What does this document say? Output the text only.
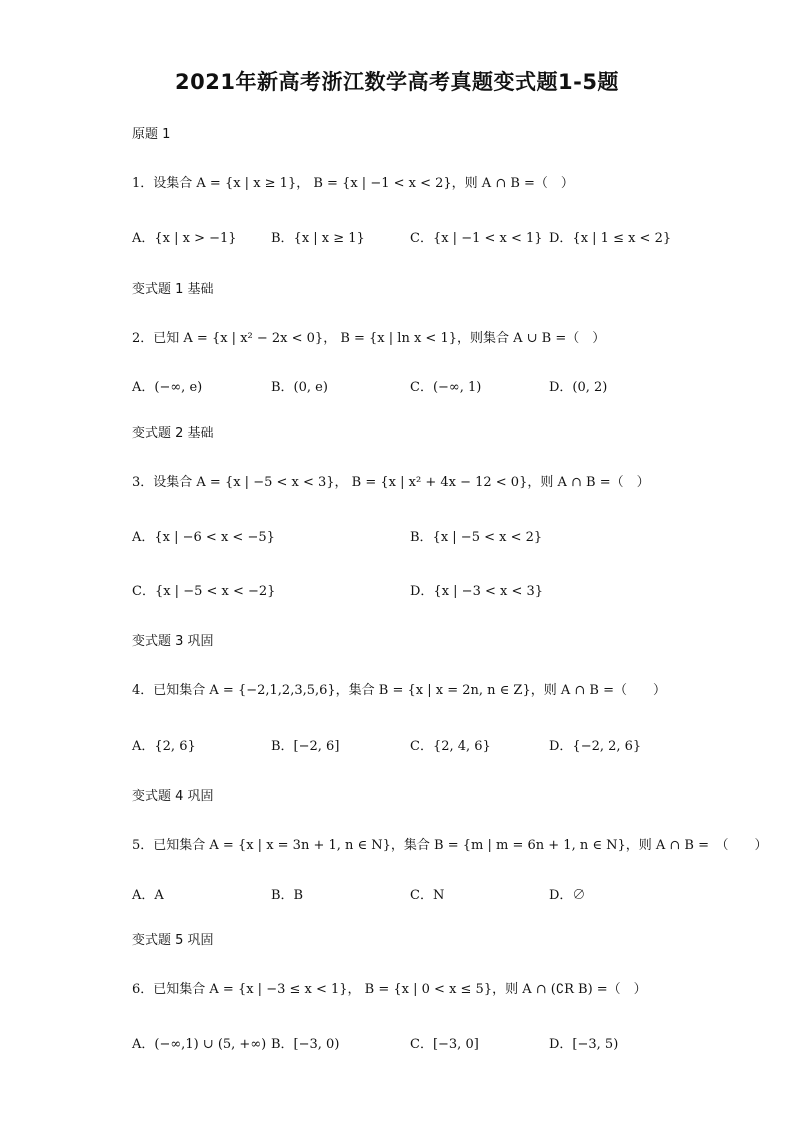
2021年新高考浙江数学高考真题变式题1-5题
原题 1
1．设集合 A = {x | x ≥ 1}， B = {x | −1 < x < 2}，则 A ∩ B =（　）
A．{x | x > −1}	B．{x | x ≥ 1}	C．{x | −1 < x < 1} D．{x | 1 ≤ x < 2}
变式题 1 基础
2．已知 A = {x | x² − 2x < 0}， B = {x | ln x < 1}，则集合 A ∪ B =（　）
A．(−∞, e)	B．(0, e)	C．(−∞, 1)	D．(0, 2)
变式题 2 基础
3．设集合 A = {x | −5 < x < 3}， B = {x | x² + 4x − 12 < 0}，则 A ∩ B =（　）
A．{x | −6 < x < −5}	B．{x | −5 < x < 2}
C．{x | −5 < x < −2}	D．{x | −3 < x < 3}
变式题 3 巩固
4．已知集合 A = {−2,1,2,3,5,6}，集合 B = {x | x = 2n, n ∈ Z}，则 A ∩ B =（　　）
A．{2, 6}	B．[−2, 6]	C．{2, 4, 6}	D．{−2, 2, 6}
变式题 4 巩固
5．已知集合 A = {x | x = 3n + 1, n ∈ N}，集合 B = {m | m = 6n + 1, n ∈ N}，则 A ∩ B =　（　　）
A．A	B．B	C．N	D．∅
变式题 5 巩固
6．已知集合 A = {x | −3 ≤ x < 1}， B = {x | 0 < x ≤ 5}，则 A ∩ (∁R B) =（　）
A．(−∞,1) ∪ (5, +∞) B．[−3, 0)	C．[−3, 0]	D．[−3, 5)
